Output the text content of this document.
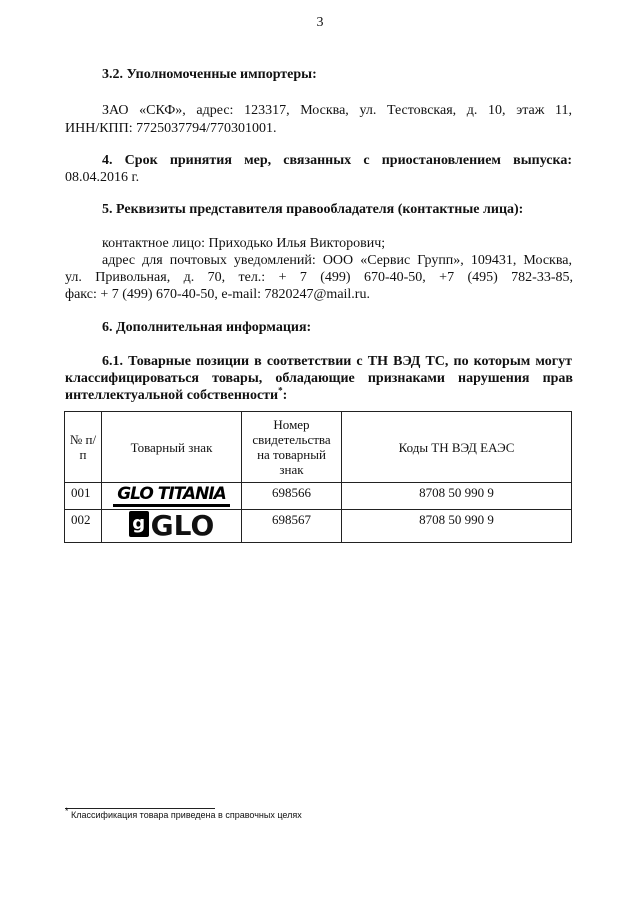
3
3.2. Уполномоченные импортеры:
ЗАО «СКФ», адрес: 123317, Москва, ул. Тестовская, д. 10, этаж 11,
ИНН/КПП: 7725037794/770301001.
4. Срок принятия мер, связанных с приостановлением выпуска:
08.04.2016 г.
5. Реквизиты представителя правообладателя (контактные лица):
контактное лицо: Приходько Илья Викторович;
адрес для почтовых уведомлений: ООО «Сервис Групп», 109431, Москва,
ул. Привольная, д. 70, тел.: + 7 (499) 670-40-50, +7 (495) 782-33-85,
факс: + 7 (499) 670-40-50, e-mail: 7820247@mail.ru.
6. Дополнительная информация:
6.1. Товарные позиции в соответствии с ТН ВЭД ТС, по которым могут
классифицироваться товары, обладающие признаками нарушения прав
интеллектуальной собственности*:
№ п/п	Товарный знак	Номер свидетельства на товарный знак	Коды ТН ВЭД ЕАЭС
001	GLO TITANIA	698566	8708 50 990 9
002	g GLO	698567	8708 50 990 9
* Классификация товара приведена в справочных целях
